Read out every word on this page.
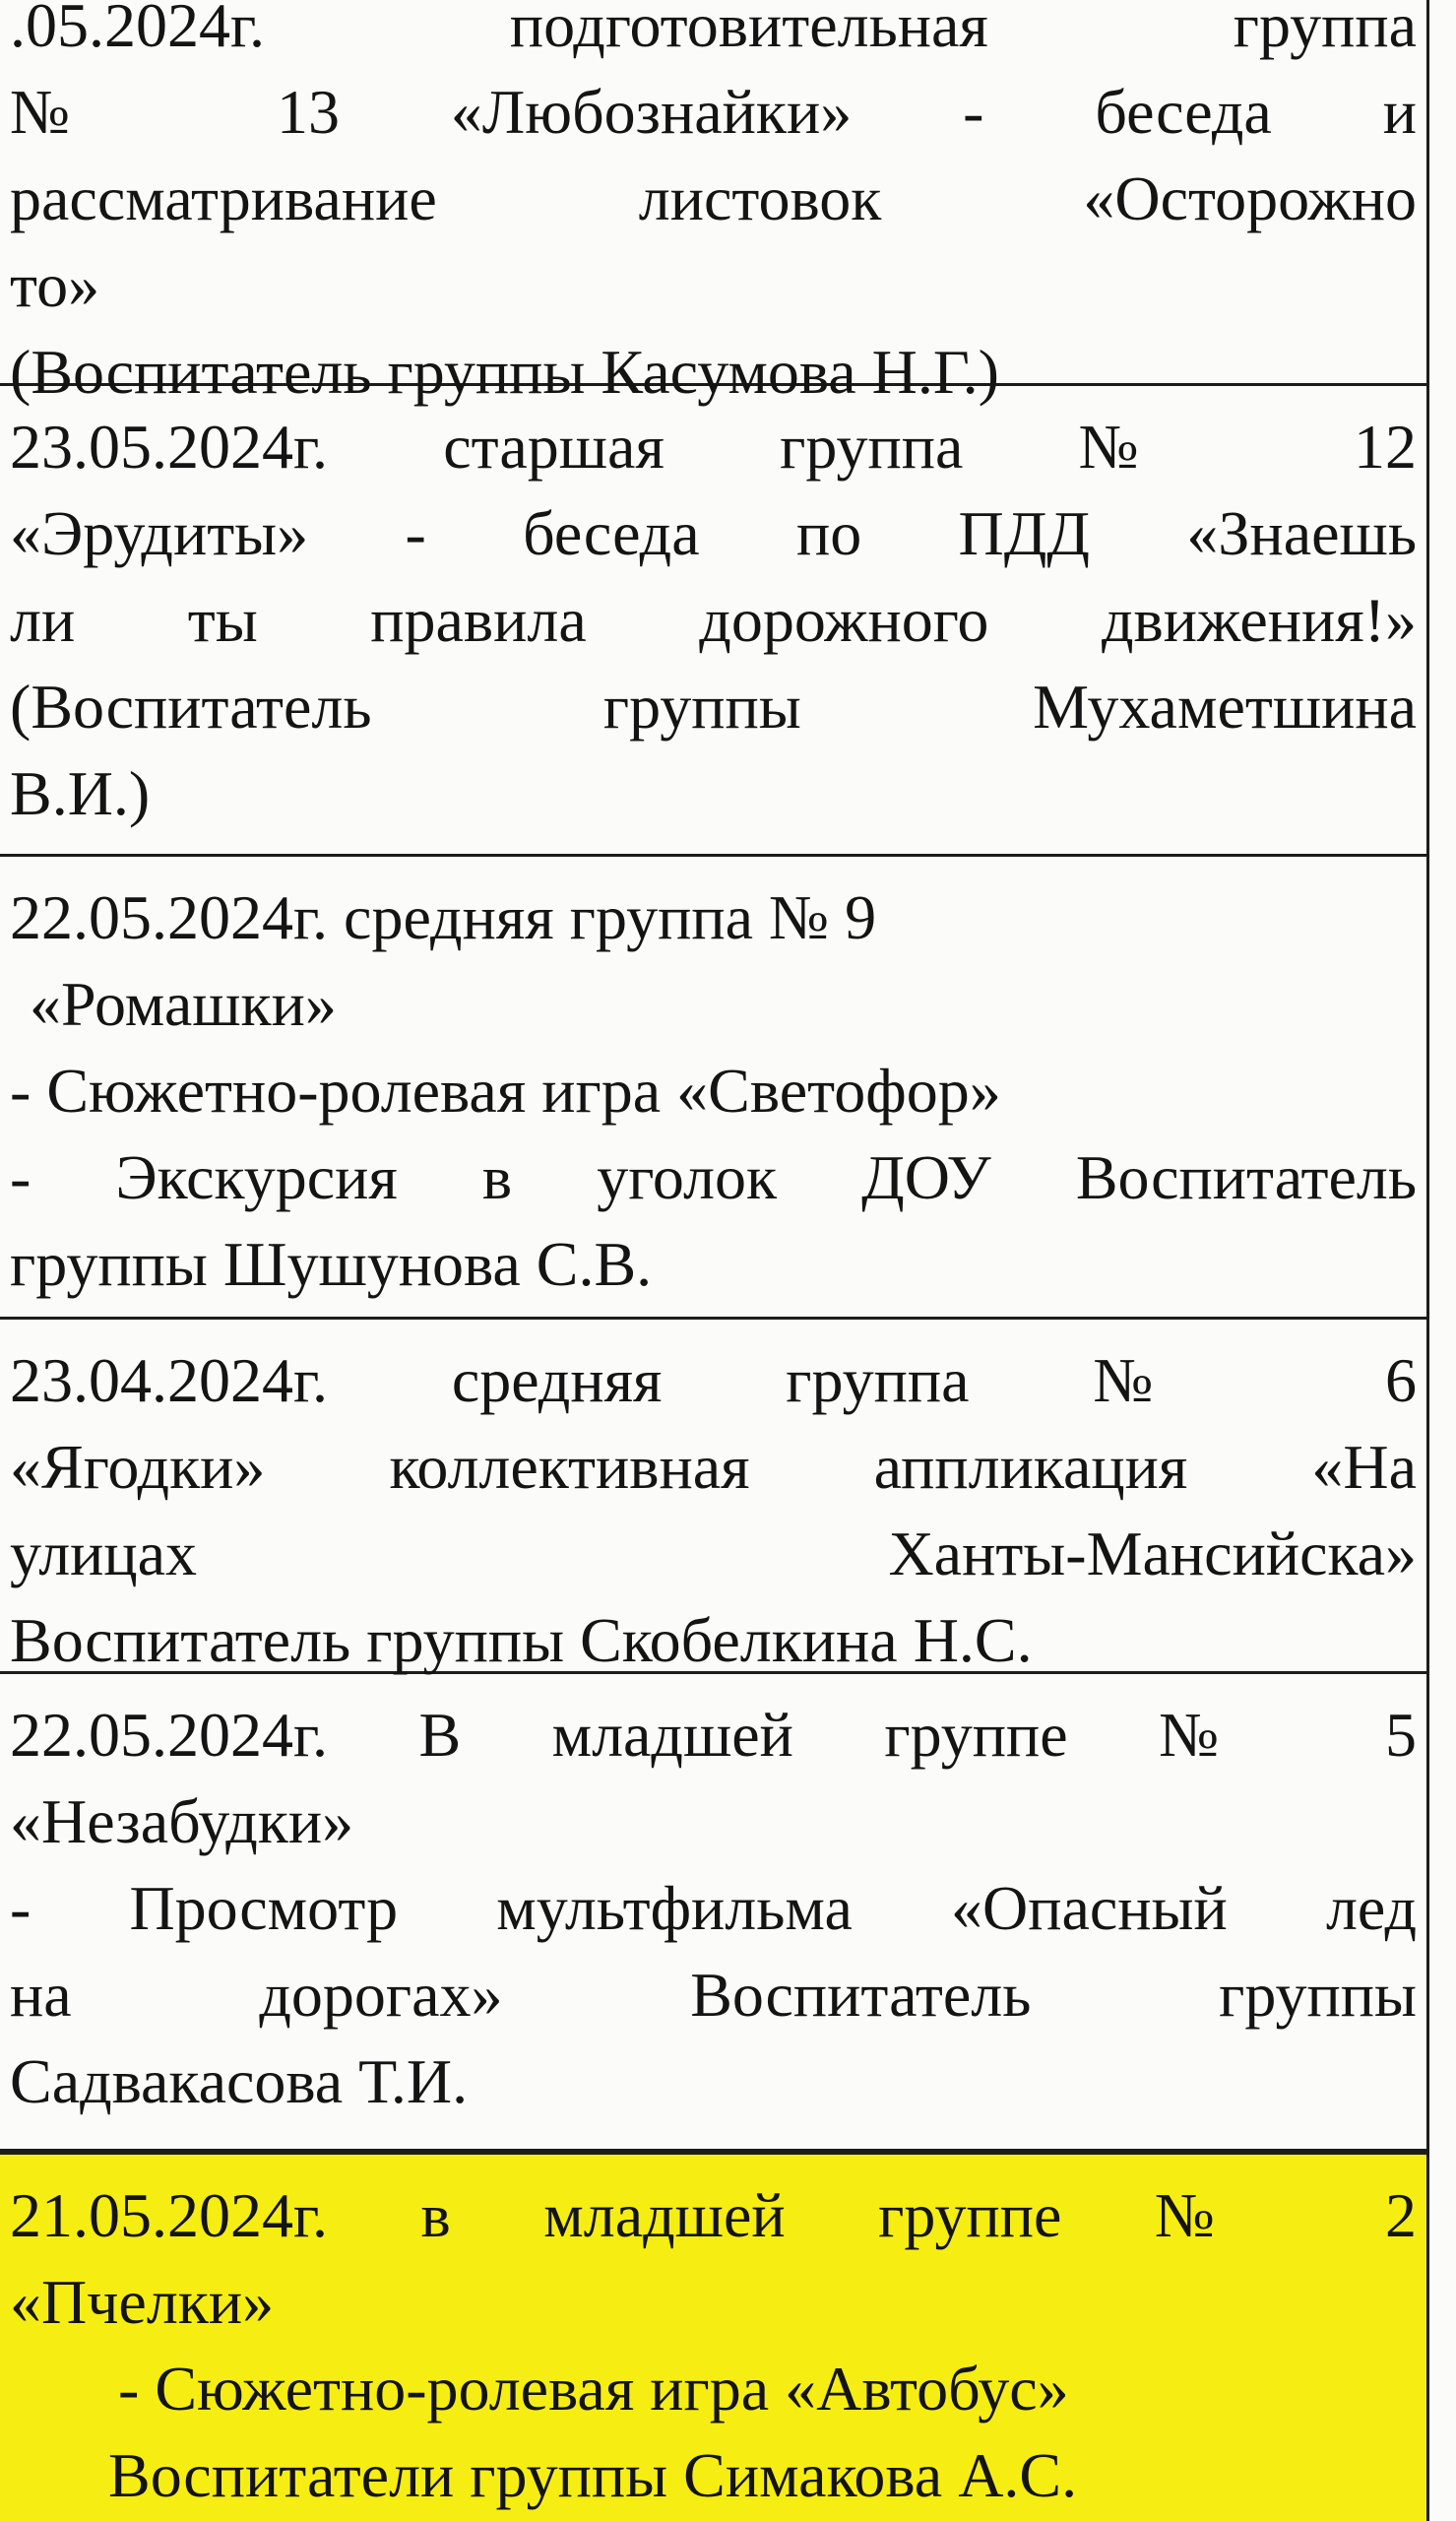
.05.2024г. подготовительная группа
№ 13 «Любознайки» - беседа и
рассматривание листовок «Осторожно
то»
(Воспитатель группы Касумова Н.Г.)
23.05.2024г. старшая группа № 12
«Эрудиты» - беседа по ПДД «Знаешь
ли ты правила дорожного движения!»
(Воспитатель группы Мухаметшина
В.И.)
22.05.2024г. средняя группа № 9
«Ромашки»
- Сюжетно-ролевая игра «Светофор»
- Экскурсия в уголок ДОУ Воспитатель
группы Шушунова С.В.
23.04.2024г. средняя группа № 6
«Ягодки» коллективная аппликация «На
улицах Ханты-Мансийска»
Воспитатель группы Скобелкина Н.С.
22.05.2024г. В младшей группе № 5
«Незабудки»
- Просмотр мультфильма «Опасный лед
на дорогах» Воспитатель группы
Садвакасова Т.И.
21.05.2024г. в младшей группе № 2
«Пчелки»
- Сюжетно-ролевая игра «Автобус»
Воспитатели группы Симакова А.С.
